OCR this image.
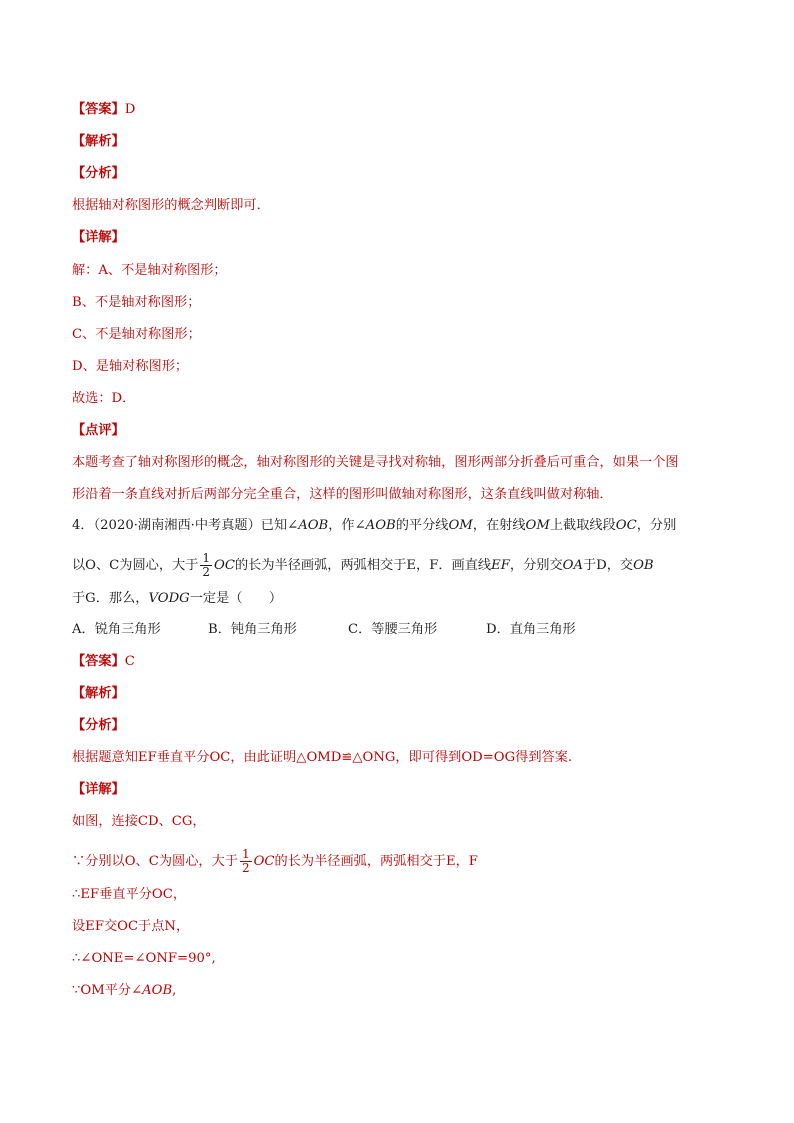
【答案】D
【解析】
【分析】
根据轴对称图形的概念判断即可．
【详解】
解：A、不是轴对称图形；
B、不是轴对称图形；
C、不是轴对称图形；
D、是轴对称图形；
故选：D．
【点评】
本题考查了轴对称图形的概念，轴对称图形的关键是寻找对称轴，图形两部分折叠后可重合，如果一个图
形沿着一条直线对折后两部分完全重合，这样的图形叫做轴对称图形，这条直线叫做对称轴．
4．（2020·湖南湘西·中考真题）已知∠AOB，作∠AOB的平分线OM，在射线OM上截取线段OC，分别
以O、C为圆心，大于 $\frac{1}{2}$ OC的长为半径画弧，两弧相交于E，F．画直线EF，分别交OA于D，交OB
于G．那么，VODG一定是（　　）
A．锐角三角形	B．钝角三角形	C．等腰三角形	D．直角三角形
【答案】C
【解析】
【分析】
根据题意知EF垂直平分OC，由此证明△OMD≌△ONG，即可得到OD=OG得到答案.
【详解】
如图，连接CD、CG，
∵分别以O、C为圆心，大于 $\frac{1}{2}$ OC的长为半径画弧，两弧相交于E，F
∴EF垂直平分OC，
设EF交OC于点N，
∴∠ONE=∠ONF=90°,
∵OM平分∠AOB,
